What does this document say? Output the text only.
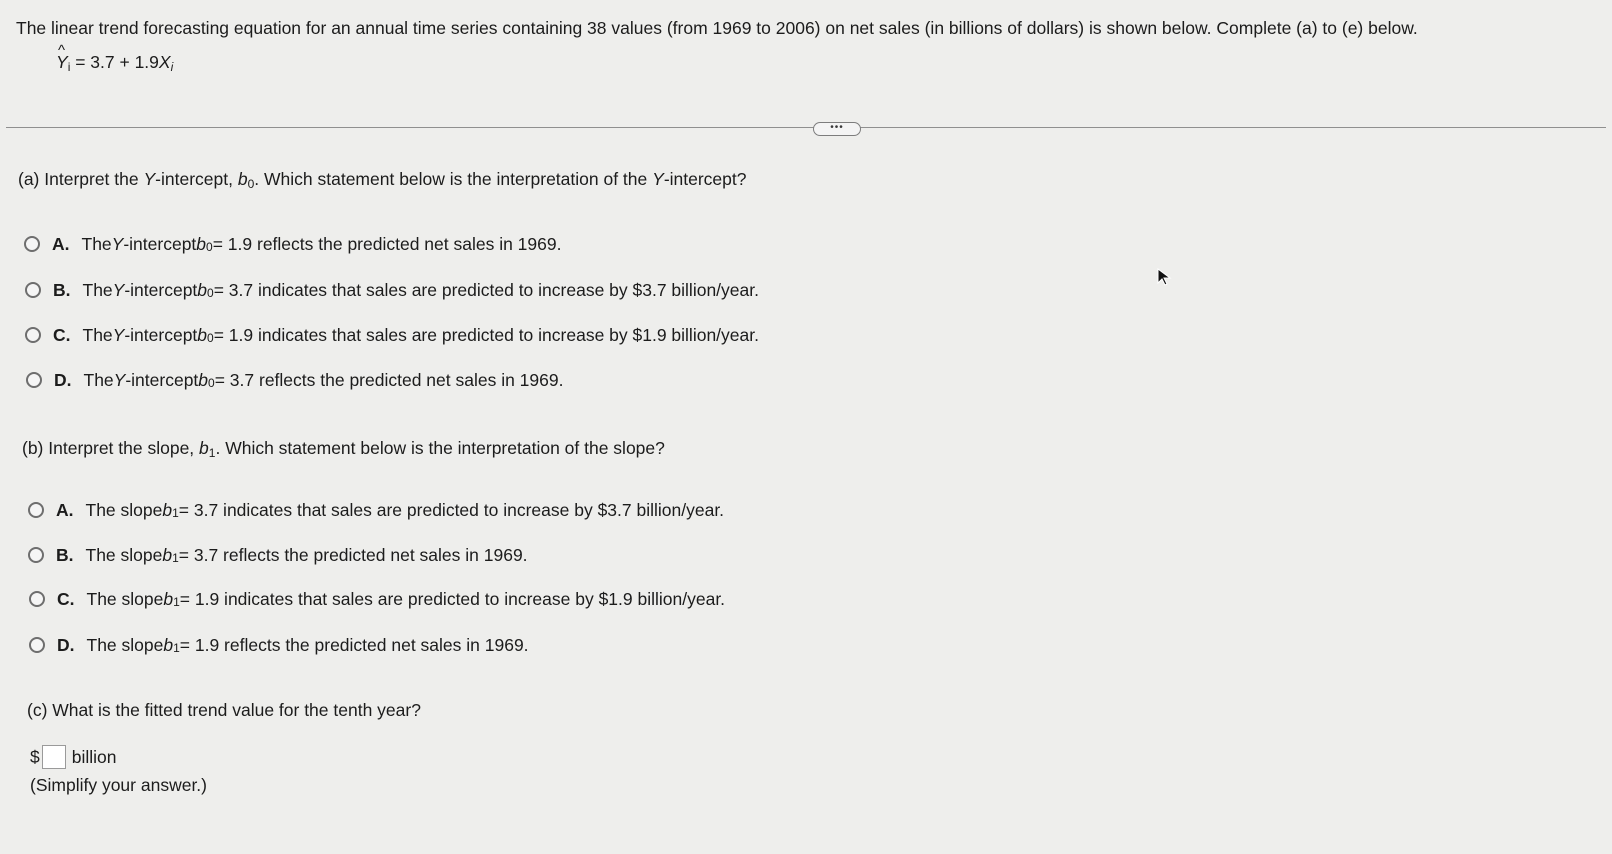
The linear trend forecasting equation for an annual time series containing 38 values (from 1969 to 2006) on net sales (in billions of dollars) is shown below. Complete (a) to (e) below.
^ $Y_i = 3.7 + 1.9X_i$
•••
(a) Interpret the Y-intercept, $b_0$. Which statement below is the interpretation of the Y-intercept?
A. The Y -intercept $b_0 = 1.9$ reflects the predicted net sales in 1969.
B. The Y -intercept $b_0 = 3.7$ indicates that sales are predicted to increase by $3.7 billion/year.
C. The Y -intercept $b_0 = 1.9$ indicates that sales are predicted to increase by $1.9 billion/year.
D. The Y -intercept $b_0 = 3.7$ reflects the predicted net sales in 1969.
(b) Interpret the slope, $b_1$. Which statement below is the interpretation of the slope?
A. The slope $b_1 = 3.7$ indicates that sales are predicted to increase by $3.7 billion/year.
B. The slope $b_1 = 3.7$ reflects the predicted net sales in 1969.
C. The slope $b_1 = 1.9$ indicates that sales are predicted to increase by $1.9 billion/year.
D. The slope $b_1 = 1.9$ reflects the predicted net sales in 1969.
(c) What is the fitted trend value for the tenth year?
$ billion
(Simplify your answer.)
